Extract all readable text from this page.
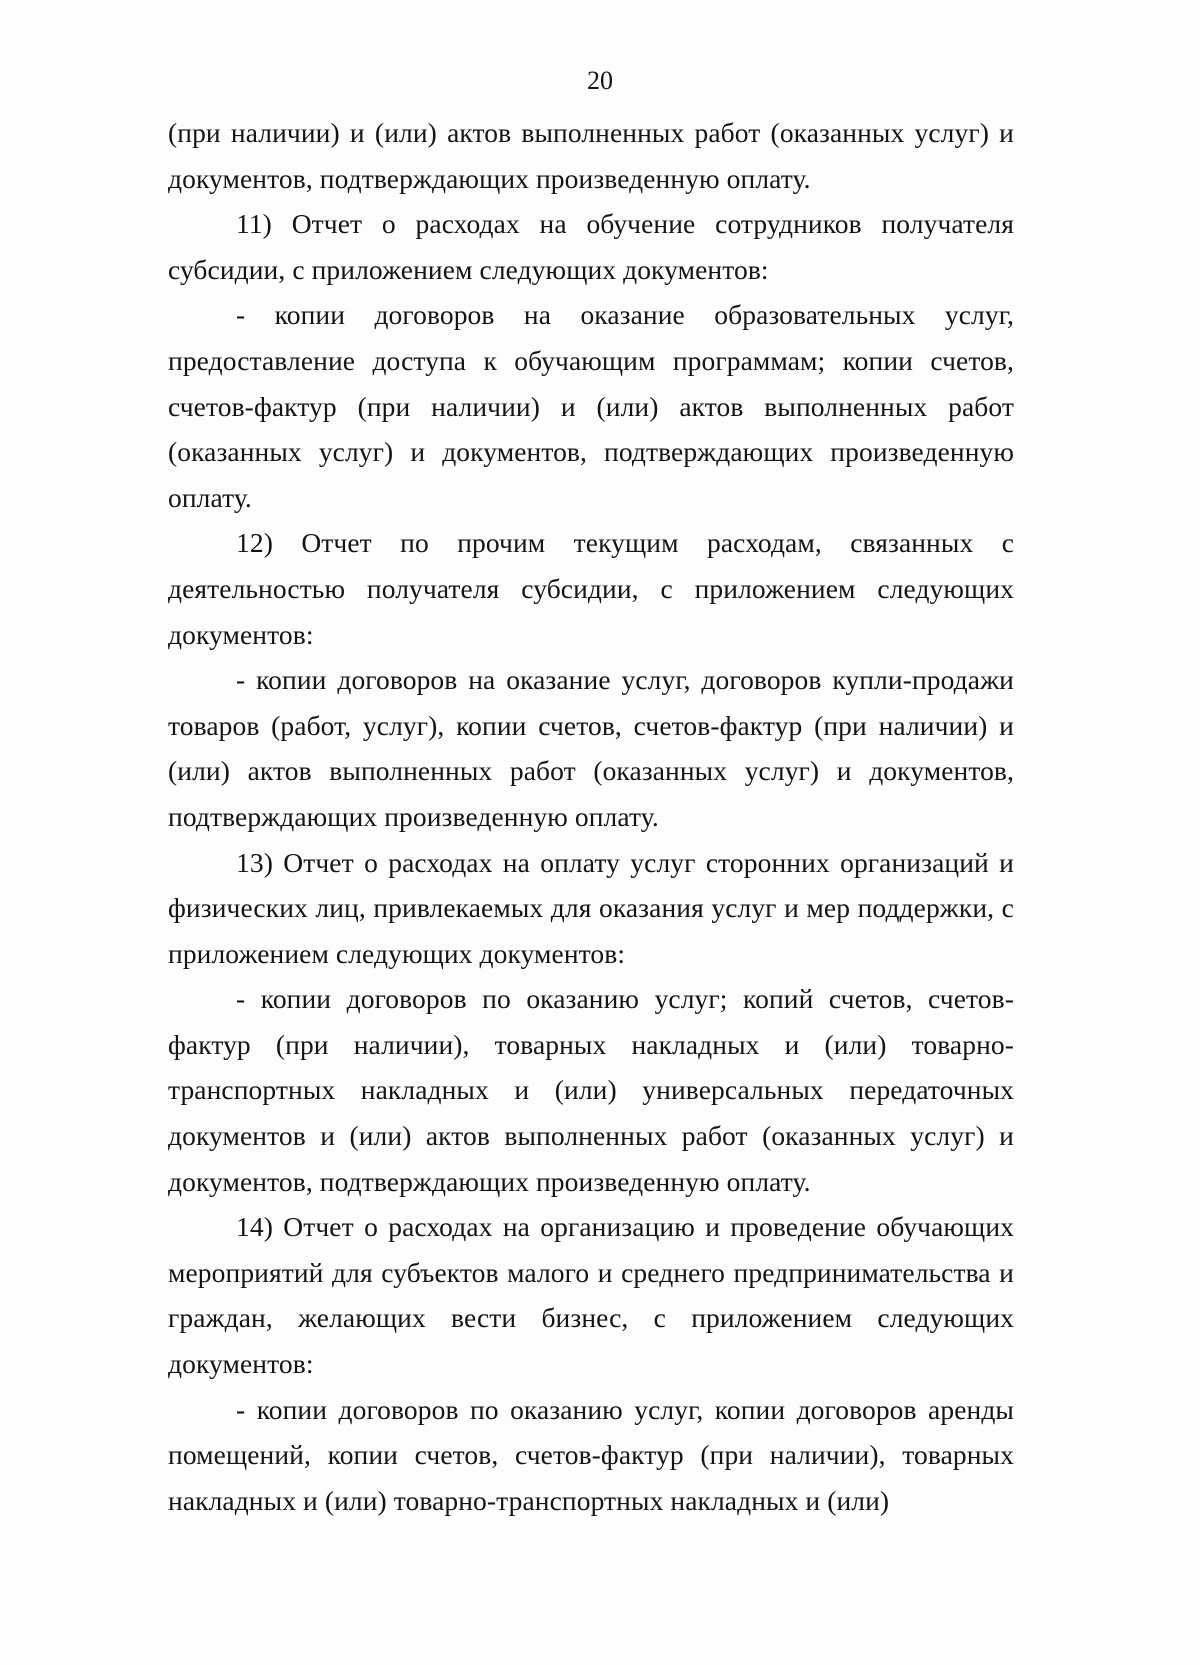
20

(при наличии) и (или) актов выполненных работ (оказанных услуг) и документов, подтверждающих произведенную оплату.

11) Отчет о расходах на обучение сотрудников получателя субсидии, с приложением следующих документов:

- копии договоров на оказание образовательных услуг, предоставление доступа к обучающим программам; копии счетов, счетов-фактур (при наличии) и (или) актов выполненных работ (оказанных услуг) и документов, подтверждающих произведенную оплату.

12) Отчет по прочим текущим расходам, связанных с деятельностью получателя субсидии, с приложением следующих документов:

- копии договоров на оказание услуг, договоров купли-продажи товаров (работ, услуг), копии счетов, счетов-фактур (при наличии) и (или) актов выполненных работ (оказанных услуг) и документов, подтверждающих произведенную оплату.

13) Отчет о расходах на оплату услуг сторонних организаций и физических лиц, привлекаемых для оказания услуг и мер поддержки, с приложением следующих документов:

- копии договоров по оказанию услуг; копий счетов, счетов-фактур (при наличии), товарных накладных и (или) товарно-транспортных накладных и (или) универсальных передаточных документов и (или) актов выполненных работ (оказанных услуг) и документов, подтверждающих произведенную оплату.

14) Отчет о расходах на организацию и проведение обучающих мероприятий для субъектов малого и среднего предпринимательства и граждан, желающих вести бизнес, с приложением следующих документов:

- копии договоров по оказанию услуг, копии договоров аренды помещений, копии счетов, счетов-фактур (при наличии), товарных накладных и (или) товарно-транспортных накладных и (или)
